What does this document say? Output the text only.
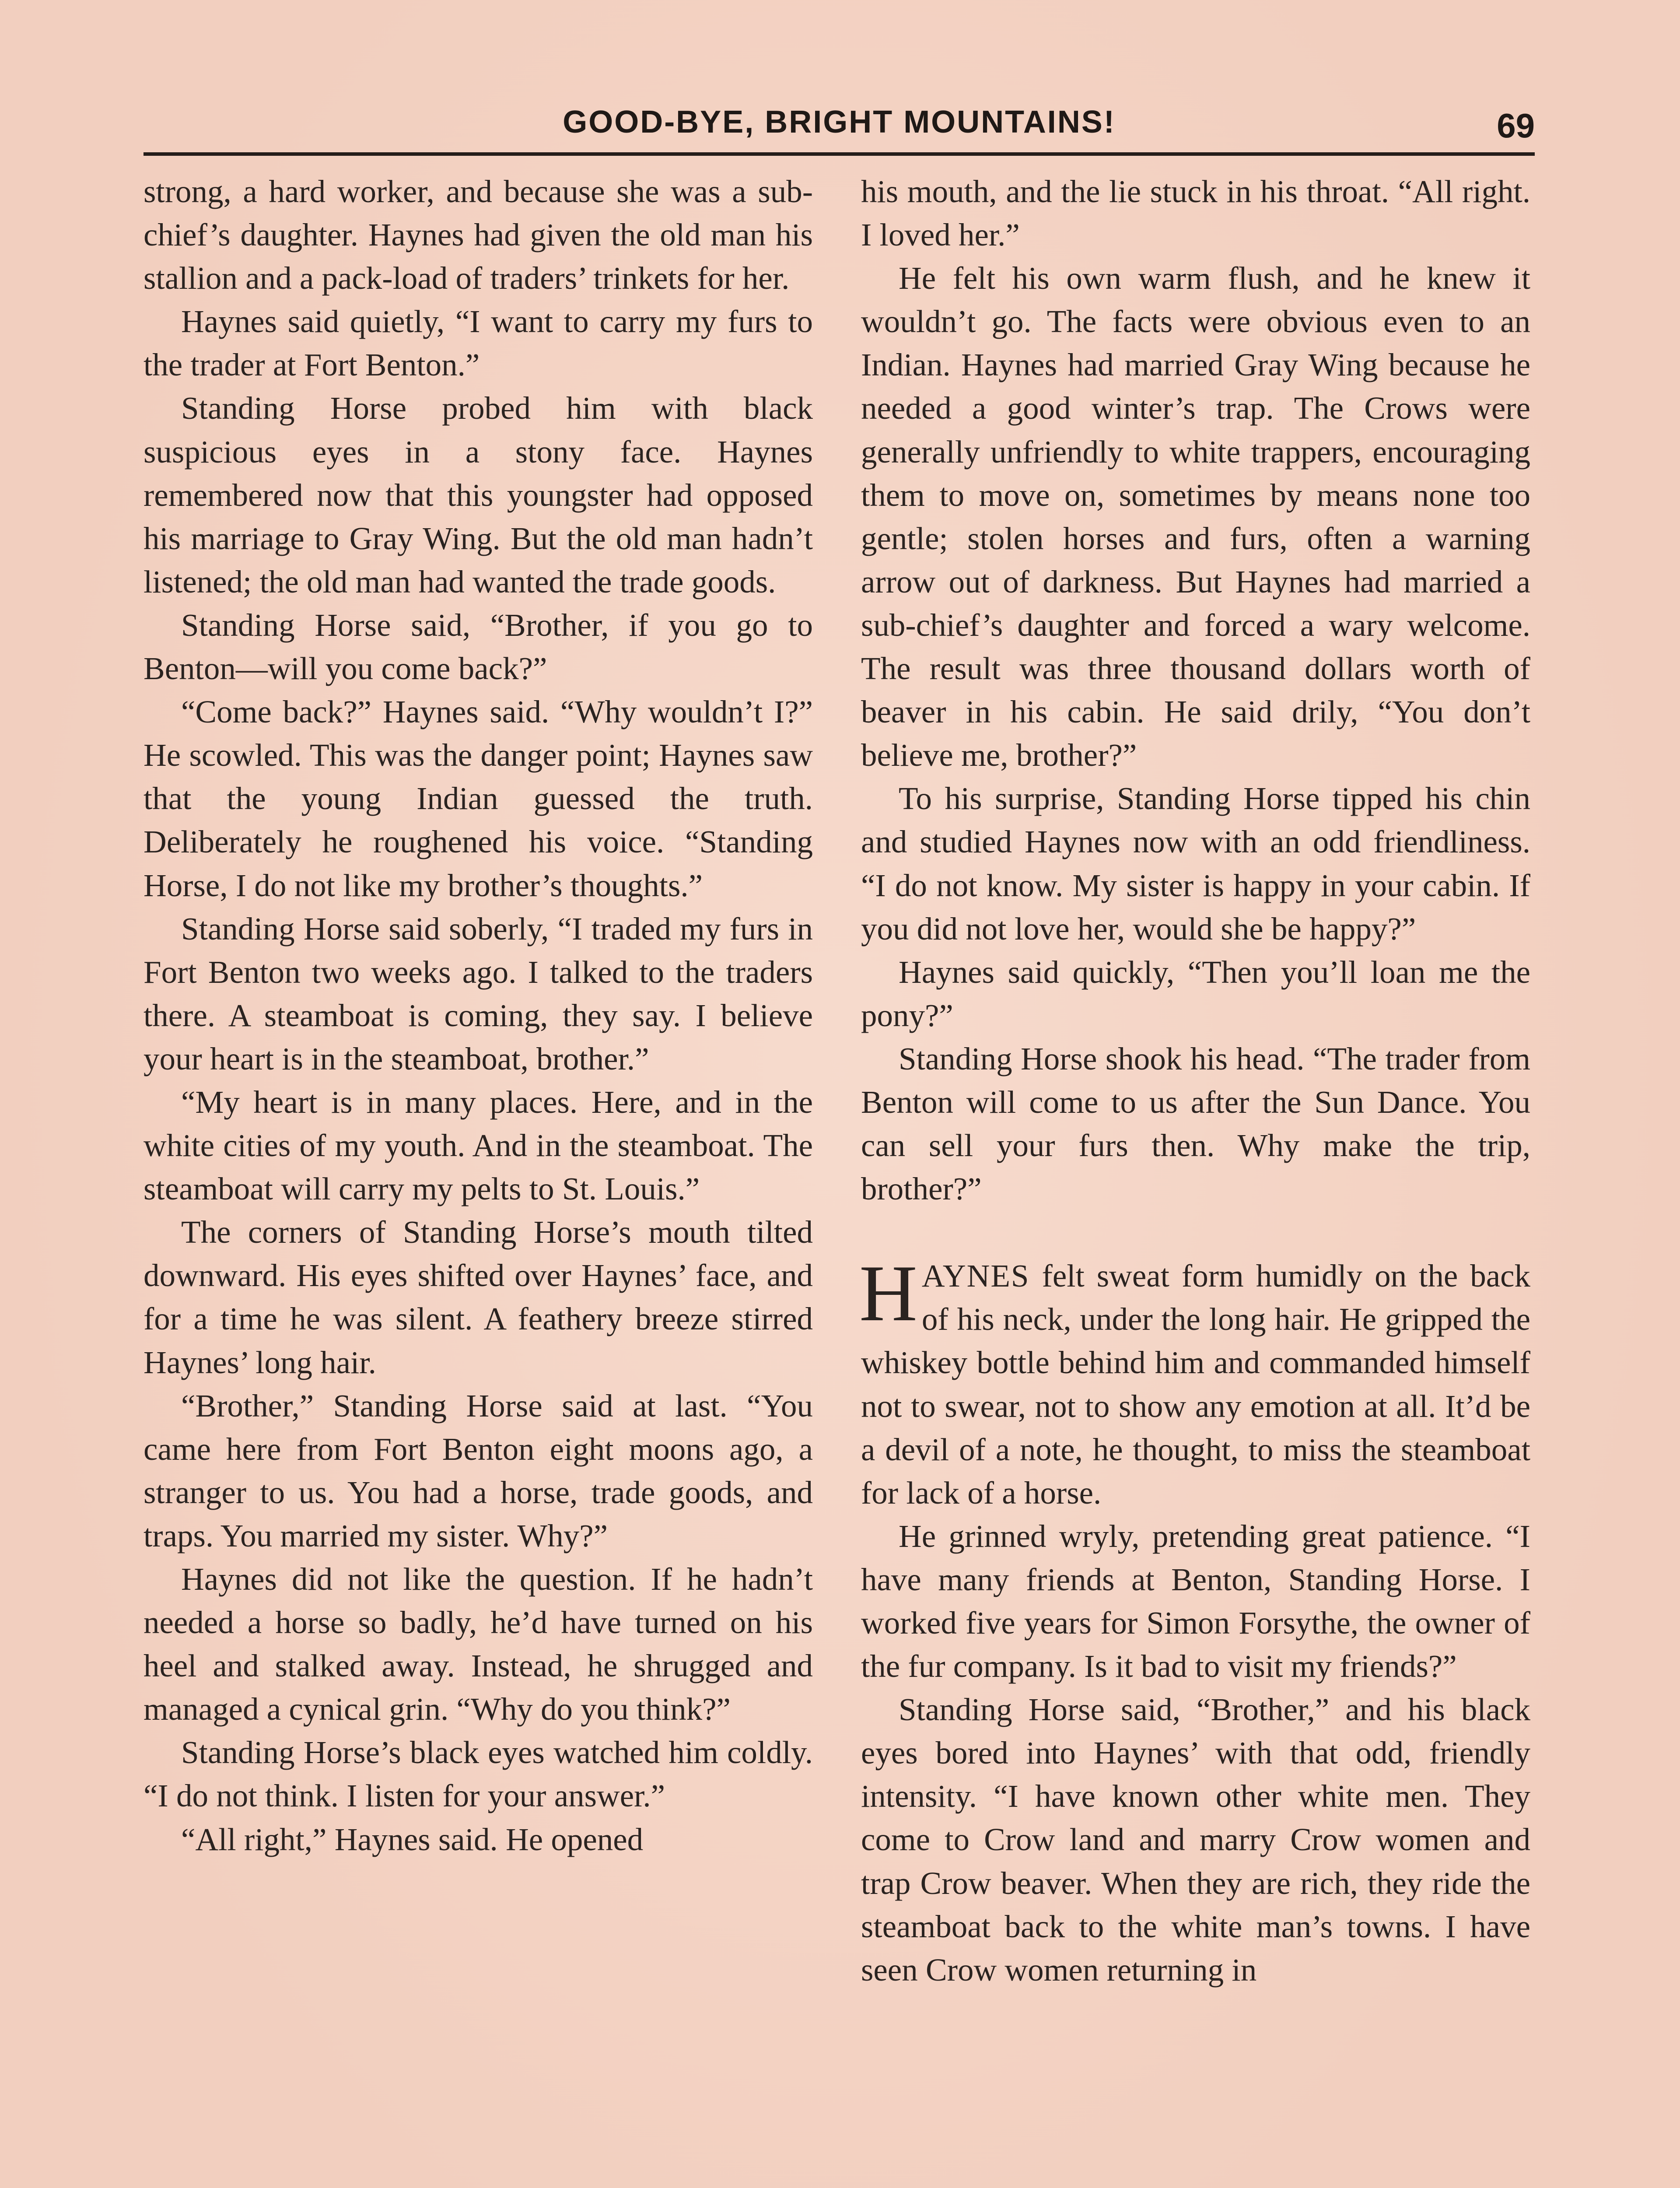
GOOD-BYE, BRIGHT MOUNTAINS!	69

strong, a hard worker, and because she was a sub-chief’s daughter. Haynes had given the old man his stallion and a pack-load of traders’ trinkets for her.

Haynes said quietly, “I want to carry my furs to the trader at Fort Benton.”

Standing Horse probed him with black suspicious eyes in a stony face. Haynes remembered now that this youngster had opposed his marriage to Gray Wing. But the old man hadn’t listened; the old man had wanted the trade goods.

Standing Horse said, “Brother, if you go to Benton—will you come back?”

“Come back?” Haynes said. “Why wouldn’t I?” He scowled. This was the danger point; Haynes saw that the young Indian guessed the truth. Deliberately he roughened his voice. “Standing Horse, I do not like my brother’s thoughts.”

Standing Horse said soberly, “I traded my furs in Fort Benton two weeks ago. I talked to the traders there. A steamboat is coming, they say. I believe your heart is in the steamboat, brother.”

“My heart is in many places. Here, and in the white cities of my youth. And in the steamboat. The steamboat will carry my pelts to St. Louis.”

The corners of Standing Horse’s mouth tilted downward. His eyes shifted over Haynes’ face, and for a time he was silent. A feathery breeze stirred Haynes’ long hair.

“Brother,” Standing Horse said at last. “You came here from Fort Benton eight moons ago, a stranger to us. You had a horse, trade goods, and traps. You married my sister. Why?”

Haynes did not like the question. If he hadn’t needed a horse so badly, he’d have turned on his heel and stalked away. Instead, he shrugged and managed a cynical grin. “Why do you think?”

Standing Horse’s black eyes watched him coldly. “I do not think. I listen for your answer.”

“All right,” Haynes said. He opened

his mouth, and the lie stuck in his throat. “All right. I loved her.”

He felt his own warm flush, and he knew it wouldn’t go. The facts were obvious even to an Indian. Haynes had married Gray Wing because he needed a good winter’s trap. The Crows were generally unfriendly to white trappers, encouraging them to move on, sometimes by means none too gentle; stolen horses and furs, often a warning arrow out of darkness. But Haynes had married a sub-chief’s daughter and forced a wary welcome. The result was three thousand dollars worth of beaver in his cabin. He said drily, “You don’t believe me, brother?”

To his surprise, Standing Horse tipped his chin and studied Haynes now with an odd friendliness. “I do not know. My sister is happy in your cabin. If you did not love her, would she be happy?”

Haynes said quickly, “Then you’ll loan me the pony?”

Standing Horse shook his head. “The trader from Benton will come to us after the Sun Dance. You can sell your furs then. Why make the trip, brother?”

HAYNES felt sweat form humidly on the back of his neck, under the long hair. He gripped the whiskey bottle behind him and commanded himself not to swear, not to show any emotion at all. It’d be a devil of a note, he thought, to miss the steamboat for lack of a horse.

He grinned wryly, pretending great patience. “I have many friends at Benton, Standing Horse. I worked five years for Simon Forsythe, the owner of the fur company. Is it bad to visit my friends?”

Standing Horse said, “Brother,” and his black eyes bored into Haynes’ with that odd, friendly intensity. “I have known other white men. They come to Crow land and marry Crow women and trap Crow beaver. When they are rich, they ride the steamboat back to the white man’s towns. I have seen Crow women returning in
